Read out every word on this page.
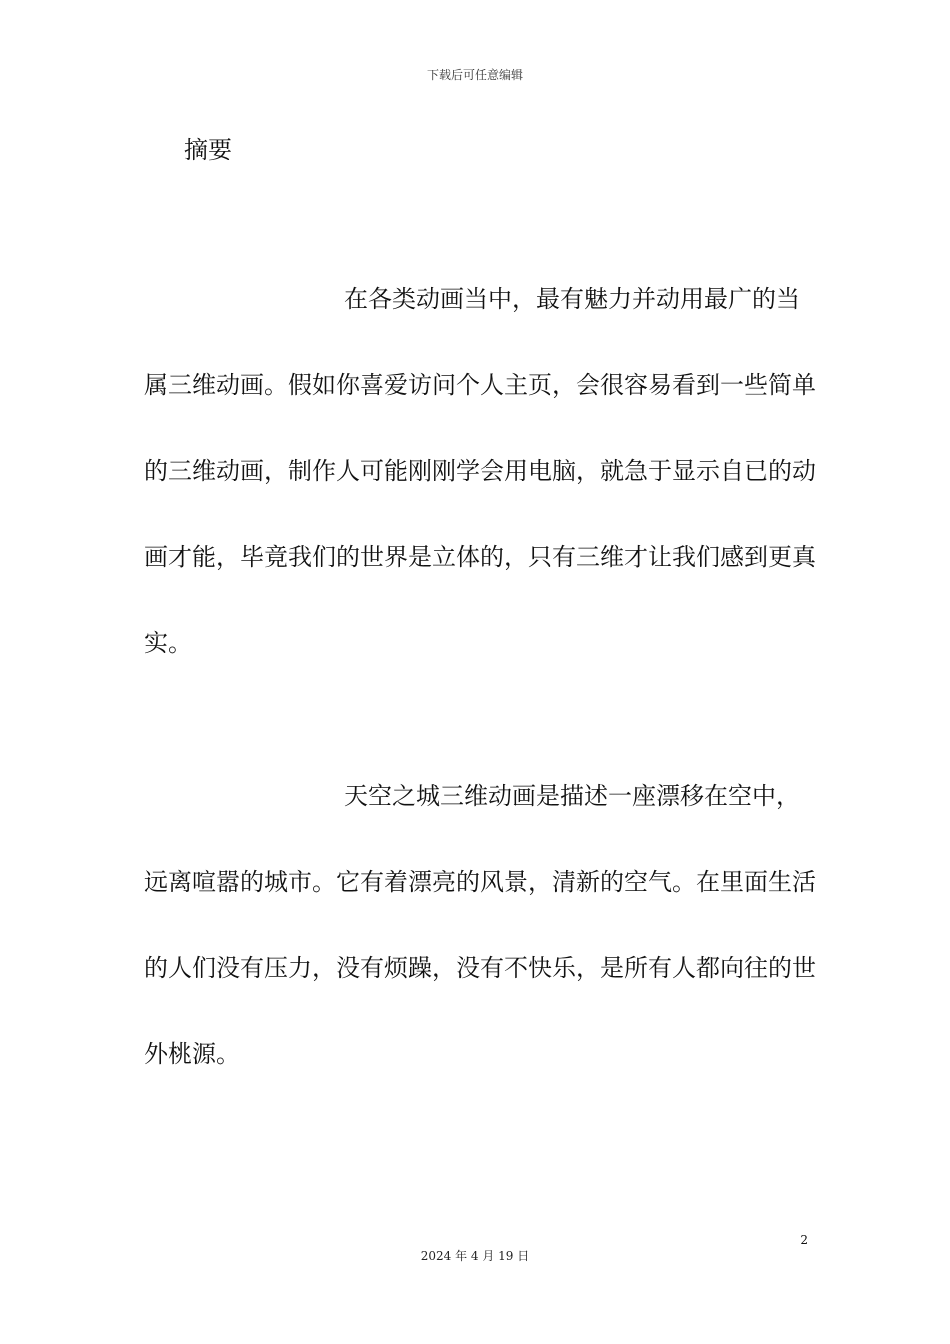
下载后可任意编辑
摘要

在各类动画当中，最有魅力并动用最广的当
属三维动画。假如你喜爱访问个人主页，会很容易看到一些简单
的三维动画，制作人可能刚刚学会用电脑，就急于显示自已的动
画才能，毕竟我们的世界是立体的，只有三维才让我们感到更真
实。

天空之城三维动画是描述一座漂移在空中，
远离喧嚣的城市。它有着漂亮的风景，清新的空气。在里面生活
的人们没有压力，没有烦躁，没有不快乐，是所有人都向往的世
外桃源。

2
2024 年 4 月 19 日
